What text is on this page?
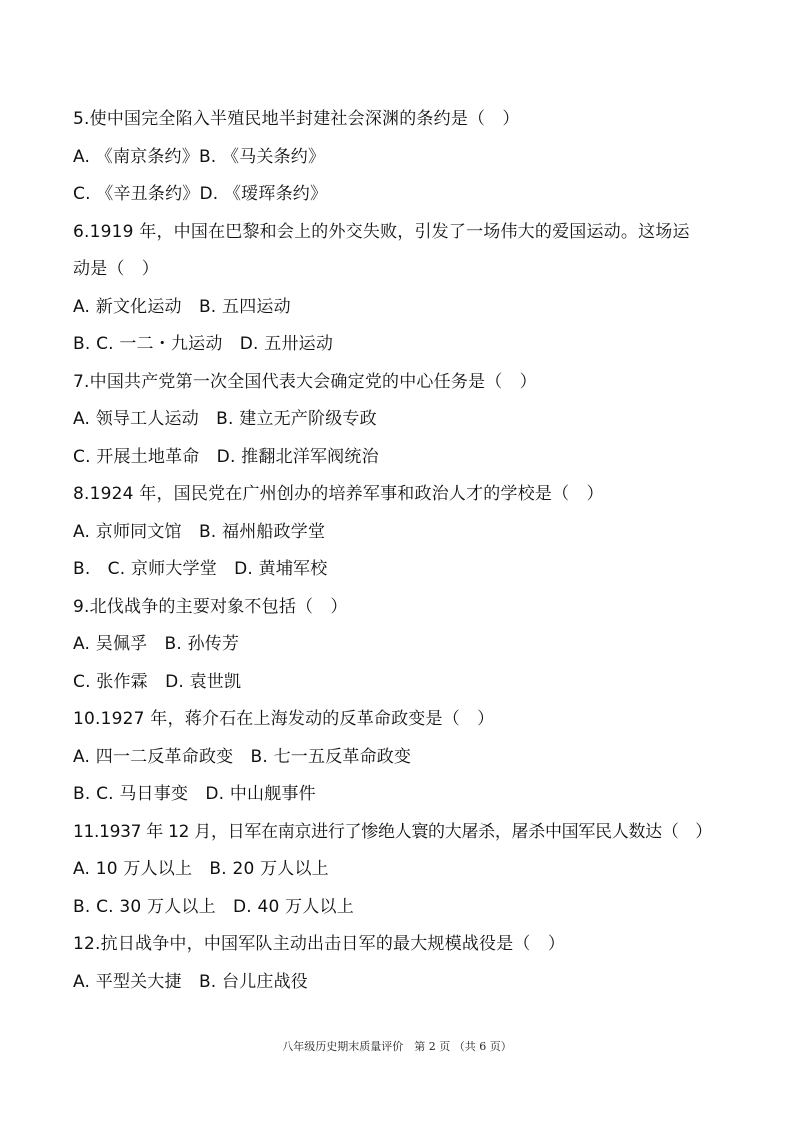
5.使中国完全陷入半殖民地半封建社会深渊的条约是（　）
A. 《南京条约》B. 《马关条约》
C. 《辛丑条约》D. 《瑷珲条约》
6.1919 年，中国在巴黎和会上的外交失败，引发了一场伟大的爱国运动。这场运
动是（　）
A. 新文化运动　B. 五四运动
B. C. 一二・九运动　D. 五卅运动
7.中国共产党第一次全国代表大会确定党的中心任务是（　）
A. 领导工人运动　B. 建立无产阶级专政
C. 开展土地革命　D. 推翻北洋军阀统治
8.1924 年，国民党在广州创办的培养军事和政治人才的学校是（　）
A. 京师同文馆　B. 福州船政学堂
B.　C. 京师大学堂　D. 黄埔军校
9.北伐战争的主要对象不包括（　）
A. 吴佩孚　B. 孙传芳
C. 张作霖　D. 袁世凯
10.1927 年，蒋介石在上海发动的反革命政变是（　）
A. 四一二反革命政变　B. 七一五反革命政变
B. C. 马日事变　D. 中山舰事件
11.1937 年 12 月，日军在南京进行了惨绝人寰的大屠杀，屠杀中国军民人数达（　）
A. 10 万人以上　B. 20 万人以上
B. C. 30 万人以上　D. 40 万人以上
12.抗日战争中，中国军队主动出击日军的最大规模战役是（　）
A. 平型关大捷　B. 台儿庄战役
八年级历史期末质量评价　第 2 页 （共 6 页）
